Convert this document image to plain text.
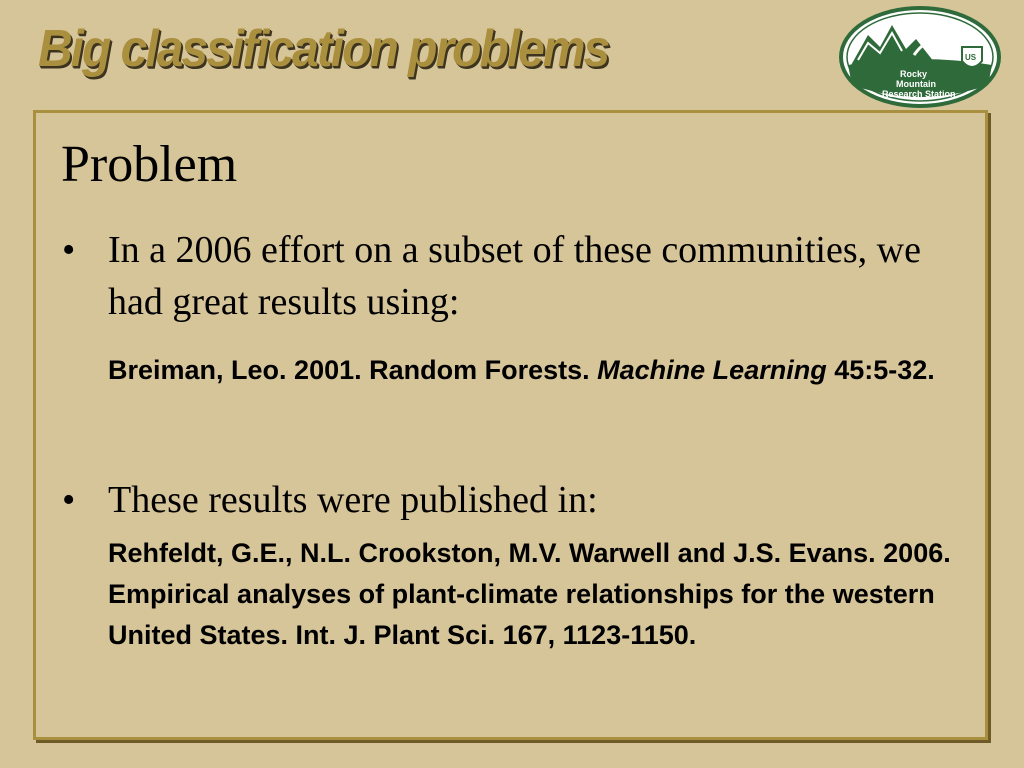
Big classification problems	Rocky
Mountain
Research Station
US
Problem
• In a 2006 effort on a subset of these communities, we had great results using:
Breiman, Leo. 2001. Random Forests. Machine Learning 45:5-32.
• These results were published in:
Rehfeldt, G.E., N.L. Crookston, M.V. Warwell and J.S. Evans. 2006. Empirical analyses of plant-climate relationships for the western United States. Int. J. Plant Sci. 167, 1123-1150.
